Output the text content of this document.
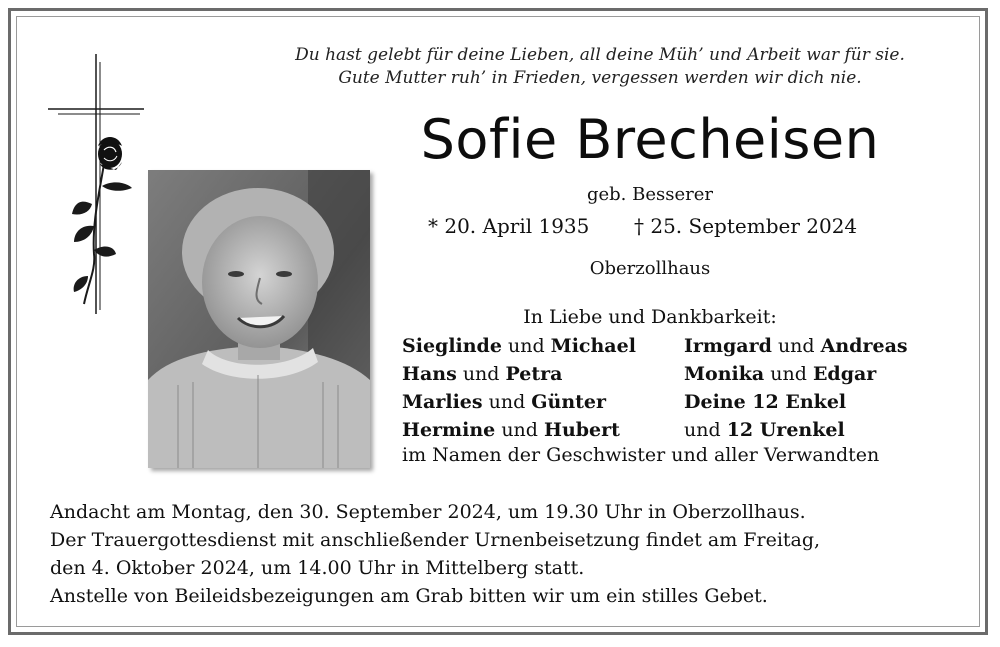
Du hast gelebt für deine Lieben, all deine Müh’ und Arbeit war für sie.
Gute Mutter ruh’ in Frieden, vergessen werden wir dich nie.
Sofie Brecheisen
geb. Besserer
* 20. April 1935 † 25. September 2024
Oberzollhaus
In Liebe und Dankbarkeit:
Sieglinde und Michael
Hans und Petra
Marlies und Günter
Hermine und Hubert
Irmgard und Andreas
Monika und Edgar
Deine 12 Enkel
und 12 Urenkel
im Namen der Geschwister und aller Verwandten
Andacht am Montag, den 30. September 2024, um 19.30 Uhr in Oberzollhaus.
Der Trauergottesdienst mit anschließender Urnenbeisetzung findet am Freitag,
den 4. Oktober 2024, um 14.00 Uhr in Mittelberg statt.
Anstelle von Beileidsbezeigungen am Grab bitten wir um ein stilles Gebet.
